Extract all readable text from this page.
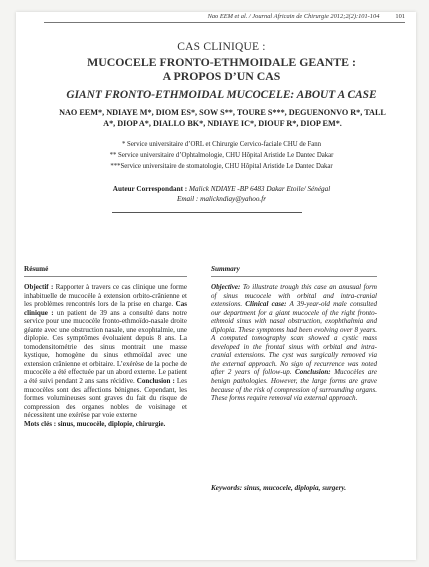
Nao EEM et al. / Journal Africain de Chirurgie 2012;2(2):101-104	101
CAS CLINIQUE :
MUCOCELE FRONTO-ETHMOIDALE GEANTE :
A PROPOS D’UN CAS
GIANT FRONTO-ETHMOIDAL MUCOCELE: ABOUT A CASE
NAO EEM*, NDIAYE M*, DIOM ES*, SOW S**, TOURE S***, DEGUENONVO R*, TALL
A*, DIOP A*, DIALLO BK*, NDIAYE IC*, DIOUF R*, DIOP EM*.
* Service universitaire d’ORL et Chirurgie Cervico-faciale CHU de Fann
** Service universitaire d’Ophtalmologie, CHU Hôpital Aristide Le Dantec Dakar
***Service universitaire de stomatologie, CHU Hôpital Aristide Le Dantec Dakar
Auteur Correspondant : Malick NDIAYE -BP 6483 Dakar Etoile/ Sénégal
Email : malickndiay@yahoo.fr
Résumé
Objectif : Rapporter à travers ce cas clinique une forme inhabituelle de mucocèle à extension orbito-crânienne et les problèmes rencontrés lors de la prise en charge. Cas clinique : un patient de 39 ans a consulté dans notre service pour une mucocèle fronto-ethmoïdo-nasale droite géante avec une obstruction nasale, une exophtalmie, une diplopie. Ces symptômes évoluaient depuis 8 ans. La tomodensitométrie des sinus montrait une masse kystique, homogène du sinus ethmoïdal avec une extension crânienne et orbitaire. L’exérèse de la poche de mucocèle a été effectuée par un abord externe. Le patient a été suivi pendant 2 ans sans récidive. Conclusion : Les mucocèles sont des affections bénignes. Cependant, les formes volumineuses sont graves du fait du risque de compression des organes nobles de voisinage et nécessitent une exérèse par voie externe
Mots clés : sinus, mucocèle, diplopie, chirurgie.
Summary
Objective: To illustrate trough this case an anusual form of sinus mucocele with orbital and intra-cranial extensions. Clinical case: A 39-year-old male consulted our department for a giant mucocele of the right fronto-ethmoid sinus with nasal obstruction, exophthalmia and diplopia. These symptoms had been evolving over 8 years. A computed tomography scan showed a cystic mass developed in the frontal sinus with orbital and intra-cranial extensions. The cyst was surgically removed via the external approach. No sign of recurrence was noted after 2 years of follow-up. Conclusion: Mucocèles are benign pathologies. However, the large forms are grave because of the risk of compression of surrounding organs. These forms require removal via external approach.
Keywords: sinus, mucocele, diplopia, surgery.
